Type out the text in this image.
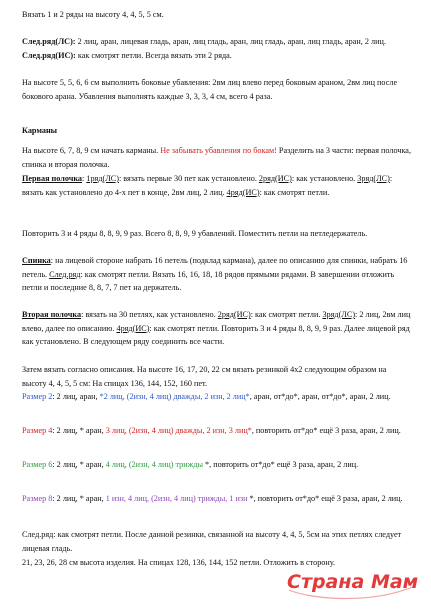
Вязать 1 и 2 ряды на высоту 4, 4, 5, 5 см.

След.ряд(ЛС): 2 лиц, аран, лицевая гладь, аран, лиц гладь, аран, лиц гладь, аран, лиц гладь, аран, 2 лиц. След.ряд(ИС): как смотрят петли. Всегда вязать эти 2 ряда.

На высоте 5, 5, 6, 6 см выполнить боковые убавления: 2вм лиц влево перед боковым араном, 2вм лиц после бокового арана. Убавления выполнять каждые 3, 3, 3, 4 см, всего 4 раза.

Карманы

На высоте 6, 7, 8, 9 см начать карманы. Не забывать убавления по бокам! Разделить на 3 части: первая полочка, спинка и вторая полочка.

Первая полочка: 1ряд(ЛС): вязать первые 30 пет как установлено. 2ряд(ИС): как установлено. 3ряд(ЛС): вязать как установлено до 4-х пет в конце, 2вм лиц, 2 лиц. 4ряд(ИС): как смотрят петли.

Повторить 3 и 4 ряды 8, 8, 9, 9 раз. Всего 8, 8, 9, 9 убавлений. Поместить петли на петледержатель.

Спинка: на лицевой стороне набрать 16 петель (подклад кармана), далее по описанию для спинки, набрать 16 петель. След.ряд: как смотрят петли. Вязать 16, 16, 18, 18 рядов прямыми рядами. В завершении отложить петли и последние 8, 8, 7, 7 пет на держатель.

Вторая полочка: вязать на 30 петлях, как установлено. 2ряд(ИС): как смотрят петли. 3ряд(ЛС): 2 лиц, 2вм лиц влево, далее по описанию. 4ряд(ИС): как смотрят петли. Повторить 3 и 4 ряды 8, 8, 9, 9 раз. Далее лицевой ряд как установлено. В следующем ряду соединить все части.

Затем вязать согласно описания. На высоте 16, 17, 20, 22 см вязать резинкой 4х2 следующим образом на высоту 4, 4, 5, 5 см: На спицах 136, 144, 152, 160 пет.

Размер 2: 2 лиц, аран, *2 лиц, (2изн, 4 лиц) дважды, 2 изн, 2 лиц*, аран, от*до*, аран, от*до*, аран, 2 лиц.

Размер 4: 2 лиц, * аран, 3 лиц, (2изн, 4 лиц) дважды, 2 изн, 3 лиц*, повторить от*до* ещё 3 раза, аран, 2 лиц.

Размер 6: 2 лиц, * аран, 4 лиц, (2изн, 4 лиц) трижды *, повторить от*до* ещё 3 раза, аран, 2 лиц.

Размер 8: 2 лиц, * аран, 1 изн, 4 лиц, (2изн, 4 лиц) трижды, 1 изн *, повторить от*до* ещё 3 раза, аран, 2 лиц.

След.ряд: как смотрят петли. После данной резинки, связанной на высоту 4, 4, 5, 5см на этих петлях следует лицевая гладь.

21, 23, 26, 28 см высота изделия. На спицах 128, 136, 144, 152 петли. Отложить в сторону.

Страна Мам
